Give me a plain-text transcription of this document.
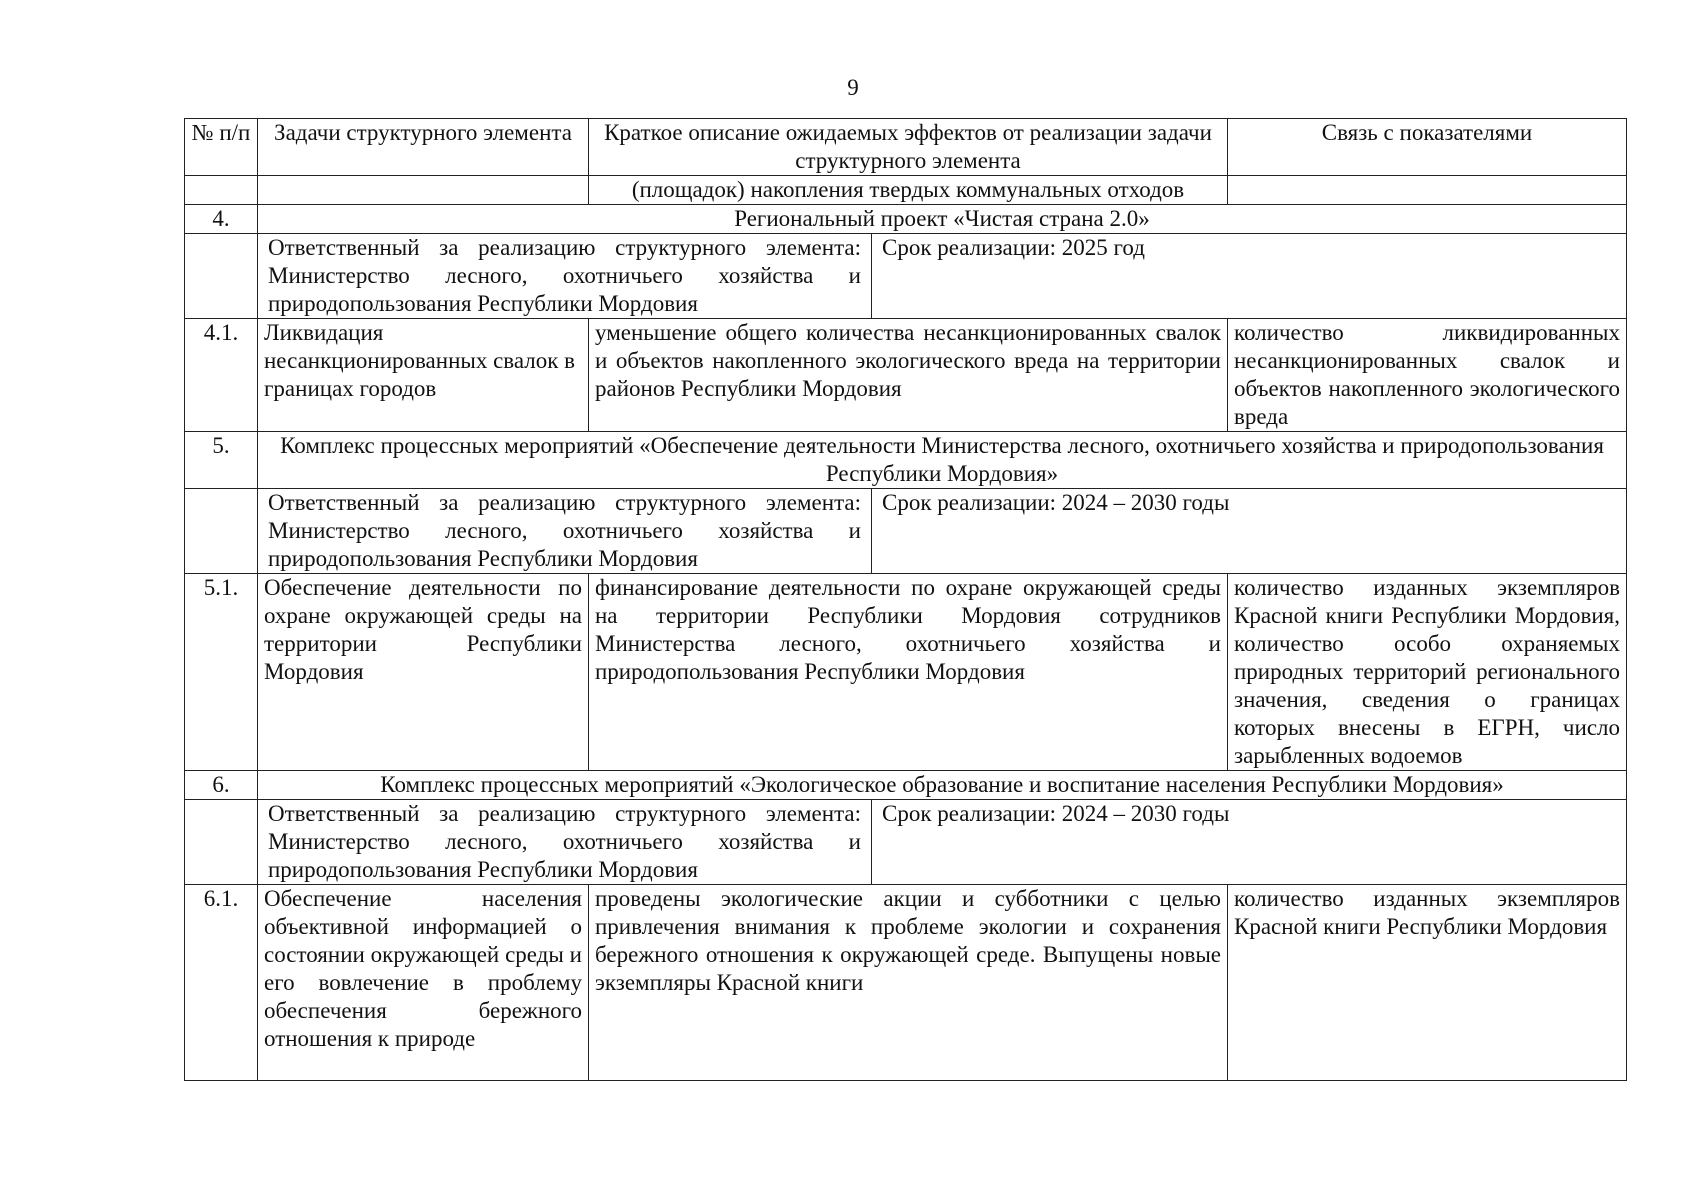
9
№ п/п	Задачи структурного элемента	Краткое описание ожидаемых эффектов от реализации задачи структурного элемента	Связь с показателями
		(площадок) накопления твердых коммунальных отходов	
4.	Региональный проект «Чистая страна 2.0»

Ответственный за реализацию структурного элемента: Министерство лесного, охотничьего хозяйства и природопользования Республики Мордовия	Срок реализации: 2025 год

4.1.	Ликвидация несанкционированных свалок в границах городов	уменьшение общего количества несанкционированных свалок и объектов накопленного экологического вреда на территории районов Республики Мордовия	количество ликвидированных несанкционированных свалок и объектов накопленного экологического вреда
5.	Комплекс процессных мероприятий «Обеспечение деятельности Министерства лесного, охотничьего хозяйства и природопользования Республики Мордовия»

Ответственный за реализацию структурного элемента: Министерство лесного, охотничьего хозяйства и природопользования Республики Мордовия	Срок реализации: 2024 – 2030 годы

5.1.	Обеспечение деятельности по охране окружающей среды на территории Республики Мордовия	финансирование деятельности по охране окружающей среды на территории Республики Мордовия сотрудников Министерства лесного, охотничьего хозяйства и природопользования Республики Мордовия	количество изданных экземпляров Красной книги Республики Мордовия, количество особо охраняемых природных территорий регионального значения, сведения о границах которых внесены в ЕГРН, число зарыбленных водоемов
6.	Комплекс процессных мероприятий «Экологическое образование и воспитание населения Республики Мордовия»

Ответственный за реализацию структурного элемента: Министерство лесного, охотничьего хозяйства и природопользования Республики Мордовия	Срок реализации: 2024 – 2030 годы

6.1.	Обеспечение населения объективной информацией о состоянии окружающей среды и его вовлечение в проблему обеспечения бережного отношения к природе	проведены экологические акции и субботники с целью привлечения внимания к проблеме экологии и сохранения бережного отношения к окружающей среде. Выпущены новые экземпляры Красной книги	количество изданных экземпляров Красной книги Республики Мордовия
